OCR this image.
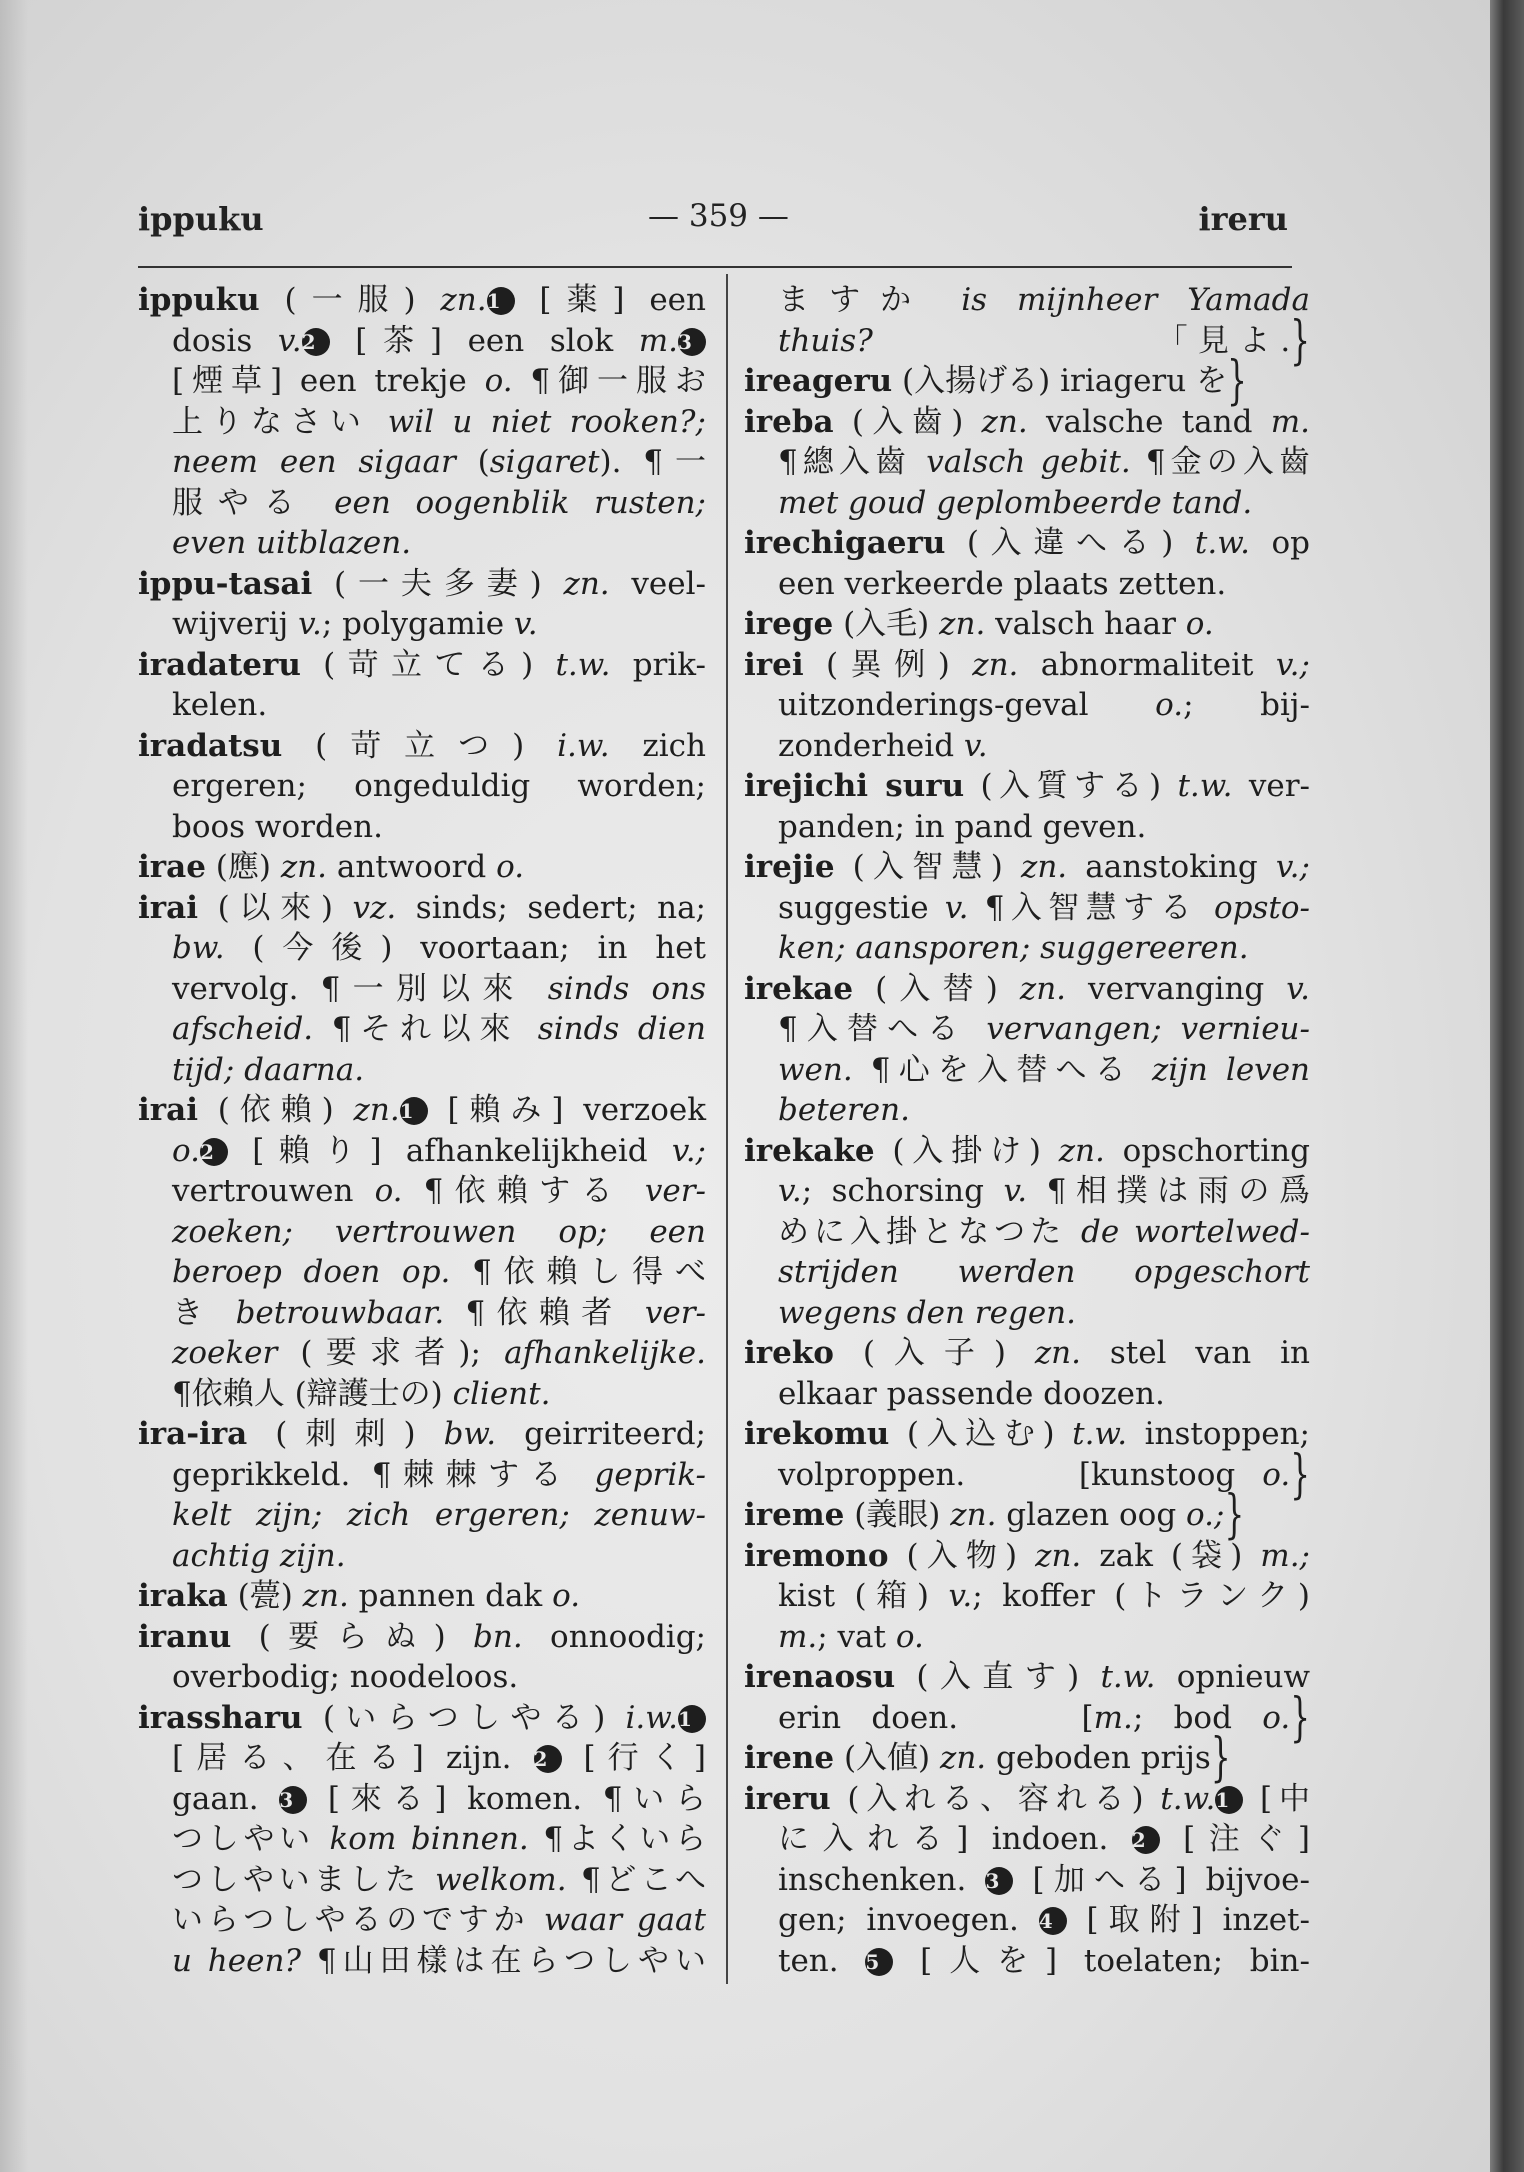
ippuku	— 359 —	ireru
ippuku (一服) zn.1 [薬] een
dosis v.2 [茶] een slok m.3
[煙草] een trekje o. ¶御一服お
上りなさい wil u niet rooken?;
neem een sigaar (sigaret). ¶一
服やる een oogenblik rusten;
even uitblazen.
ippu-tasai (一夫多妻) zn. veel-
wijverij v.; polygamie v.
iradateru (苛立てる) t.w. prik-
kelen.
iradatsu (苛立つ) i.w. zich
ergeren; ongeduldig worden;
boos worden.
irae (應) zn. antwoord o.
irai (以來) vz. sinds; sedert; na;
bw. (今後) voortaan; in het
vervolg. ¶一別以來 sinds ons
afscheid. ¶それ以來 sinds dien
tijd; daarna.
irai (依賴) zn.1 [賴み] verzoek
o.2 [賴り] afhankelijkheid v.;
vertrouwen o. ¶依賴する ver-
zoeken; vertrouwen op; een
beroep doen op. ¶依賴し得べ
き betrouwbaar. ¶依賴者 ver-
zoeker (要求者); afhankelijke.
¶依賴人 (辯護士の) client.
ira-ira (刺刺) bw. geirriteerd;
geprikkeld. ¶棘棘する geprik-
kelt zijn; zich ergeren; zenuw-
achtig zijn.
iraka (甍) zn. pannen dak o.
iranu (要らぬ) bn. onnoodig;
overbodig; noodeloos.
irassharu (いらつしやる) i.w.1
[居る、在る] zijn. 2 [行く]
gaan. 3 [來る] komen. ¶いら
つしやい kom binnen. ¶よくいら
つしやいました welkom. ¶どこへ
いらつしやるのですか waar gaat
u heen? ¶山田樣は在らつしやい
ますか is mijnheer Yamada
thuis?　　　　　　　「見よ.}
ireageru (入揚げる) iriageru を}
ireba (入齒) zn. valsche tand m.
¶總入齒 valsch gebit. ¶金の入齒
met goud geplombeerde tand.
irechigaeru (入違へる) t.w. op
een verkeerde plaats zetten.
irege (入毛) zn. valsch haar o.
irei (異例) zn. abnormaliteit v.;
uitzonderings-geval o.; bij-
zonderheid v.
irejichi suru (入質する) t.w. ver-
panden; in pand geven.
irejie (入智慧) zn. aanstoking v.;
suggestie v. ¶入智慧する opsto-
ken; aansporen; suggereeren.
irekae (入替) zn. vervanging v.
¶入替へる vervangen; vernieu-
wen. ¶心を入替へる zijn leven
beteren.
irekake (入掛け) zn. opschorting
v.; schorsing v. ¶相撲は雨の爲
めに入掛となつた de wortelwed-
strijden werden opgeschort
wegens den regen.
ireko (入子) zn. stel van in
elkaar passende doozen.
irekomu (入込む) t.w. instoppen;
volproppen.　　[kunstoog o.}
ireme (義眼) zn. glazen oog o.;}
iremono (入物) zn. zak (袋) m.;
kist (箱) v.; koffer (トランク)
m.; vat o.
irenaosu (入直す) t.w. opnieuw
erin doen.　　[m.; bod o.}
irene (入値) zn. geboden prijs}
ireru (入れる、容れる) t.w.1 [中
に入れる] indoen. 2 [注ぐ]
inschenken. 3 [加へる] bijvoe-
gen; invoegen. 4 [取附] inzet-
ten. 5 [人を] toelaten; bin-
